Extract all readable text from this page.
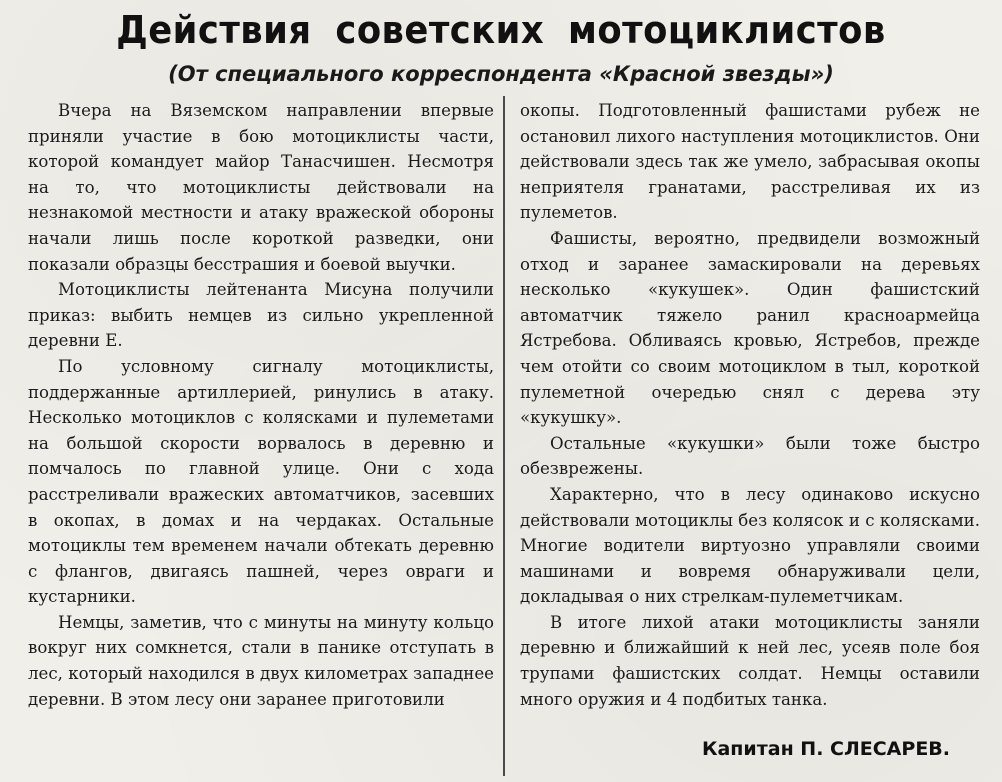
Действия советских мотоциклистов
(От специального корреспондента «Красной звезды»)

Вчера на Вяземском направлении впервые приняли участие в бою мотоциклисты части, которой командует майор Танасчишен. Несмотря на то, что мотоциклисты действовали на незнакомой местности и атаку вражеской обороны начали лишь после короткой разведки, они показали образцы бесстрашия и боевой выучки.

Мотоциклисты лейтенанта Мисуна получили приказ: выбить немцев из сильно укрепленной деревни Е.

По условному сигналу мотоциклисты, поддержанные артиллерией, ринулись в атаку. Несколько мотоциклов с колясками и пулеметами на большой скорости ворвалось в деревню и помчалось по главной улице. Они с хода расстреливали вражеских автоматчиков, засевших в окопах, в домах и на чердаках. Остальные мотоциклы тем временем начали обтекать деревню с флангов, двигаясь пашней, через овраги и кустарники.

Немцы, заметив, что с минуты на минуту кольцо вокруг них сомкнется, стали в панике отступать в лес, который находился в двух километрах западнее деревни. В этом лесу они заранее приготовили

окопы. Подготовленный фашистами рубеж не остановил лихого наступления мотоциклистов. Они действовали здесь так же умело, забрасывая окопы неприятеля гранатами, расстреливая их из пулеметов.

Фашисты, вероятно, предвидели возможный отход и заранее замаскировали на деревьях несколько «кукушек». Один фашистский автоматчик тяжело ранил красноармейца Ястребова. Обливаясь кровью, Ястребов, прежде чем отойти со своим мотоциклом в тыл, короткой пулеметной очередью снял с дерева эту «кукушку».

Остальные «кукушки» были тоже быстро обезврежены.

Характерно, что в лесу одинаково искусно действовали мотоциклы без колясок и с колясками. Многие водители виртуозно управляли своими машинами и вовремя обнаруживали цели, докладывая о них стрелкам-пулеметчикам.

В итоге лихой атаки мотоциклисты заняли деревню и ближайший к ней лес, усеяв поле боя трупами фашистских солдат. Немцы оставили много оружия и 4 подбитых танка.

Капитан П. СЛЕСАРЕВ.
